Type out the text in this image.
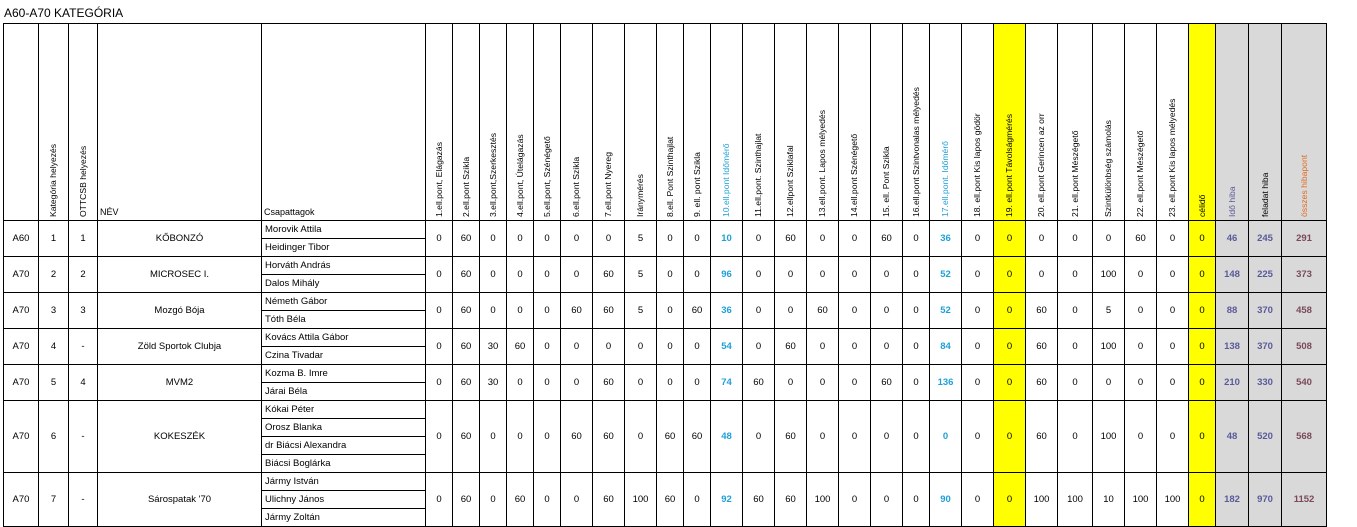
A60-A70 KATEGÓRIA

	Kategória helyezés	OTTCSB helyezés	NÉV	Csapattagok	1.ell.pont, Elágazás	2.ell.pont Szikla	3.ell.pont,Szerkesztés	4.ell.pont, Útelágazás	5.ell.pont, Szénégető	6.ell.pont Szikla	7.ell.pont Nyereg	Iránymérés	8.ell. Pont Szinthajlat	9. ell. pont Szikla	10.ell.pont Időmérő	11.ell.pont. Szinthajlat	12.ellpont Sziklafal	13.ell.pont. Lapos mélyedés	14.ell.pont Szénégető	15. ell. Pont Szikla	16.ell.pont Szintvonalas mélyedés	17.ell.pont. Időmérő	18. ell.pont Kis lapos gödör	19. ell.pont Távolságmérés	20. ell.pont Gerincen az orr	21. ell.pont Mészégető	Szintkülönbség számolás	22. ell.pont Mészégető	23. ell.pont Kis lapos mélyedés	célidő	Idő hiba	feladat hiba	összes hibapont

A60	1	1	KŐBONZÓ	Morovik Attila	0	60	0	0	0	0	0	5	0	0	10	0	60	0	0	60	0	36	0	0	0	0	0	60	0	0	46	245	291
				Heidinger Tibor																													
A70	2	2	MICROSEC I.	Horváth András	0	60	0	0	0	0	60	5	0	0	96	0	0	0	0	0	0	52	0	0	0	0	100	0	0	0	148	225	373
				Dalos Mihály																													
A70	3	3	Mozgó Bója	Németh Gábor	0	60	0	0	0	60	60	5	0	60	36	0	0	60	0	0	0	52	0	0	60	0	5	0	0	0	88	370	458
				Tóth Béla																													
A70	4	-	Zöld Sportok Clubja	Kovács Attila Gábor	0	60	30	60	0	0	0	0	0	0	54	0	60	0	0	0	0	84	0	0	60	0	100	0	0	0	138	370	508
				Czina Tivadar																													
A70	5	4	MVM2	Kozma B. Imre	0	60	30	0	0	0	60	0	0	0	74	60	0	0	0	60	0	136	0	0	60	0	0	0	0	0	210	330	540
				Járai Béla																													
A70	6	-	KOKESZÉK	Kókai Péter	0	60	0	0	0	60	60	0	60	60	48	0	60	0	0	0	0	0	0	0	60	0	100	0	0	0	48	520	568
				Orosz Blanka																													
				dr Biácsi Alexandra																													
				Biácsi Boglárka																													
A70	7	-	Sárospatak '70	Jármy István	0	60	0	60	0	0	60	100	60	0	92	60	60	100	0	0	0	90	0	0	100	100	10	100	100	0	182	970	1152
				Ulichny János																													
				Jármy Zoltán																													
